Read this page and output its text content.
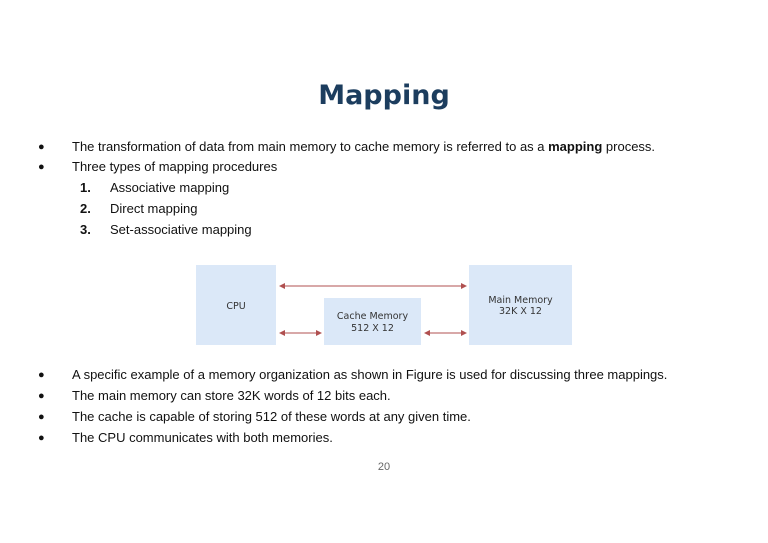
Mapping
●	The transformation of data from main memory to cache memory is referred to as a mapping process.
●	Three types of mapping procedures
1. Associative mapping
2. Direct mapping
3. Set-associative mapping
CPU
Cache Memory
512 X 12
Main Memory
32K X 12
●	A specific example of a memory organization as shown in Figure is used for discussing three mappings.
●	The main memory can store 32K words of 12 bits each.
●	The cache is capable of storing 512 of these words at any given time.
●	The CPU communicates with both memories.
20
